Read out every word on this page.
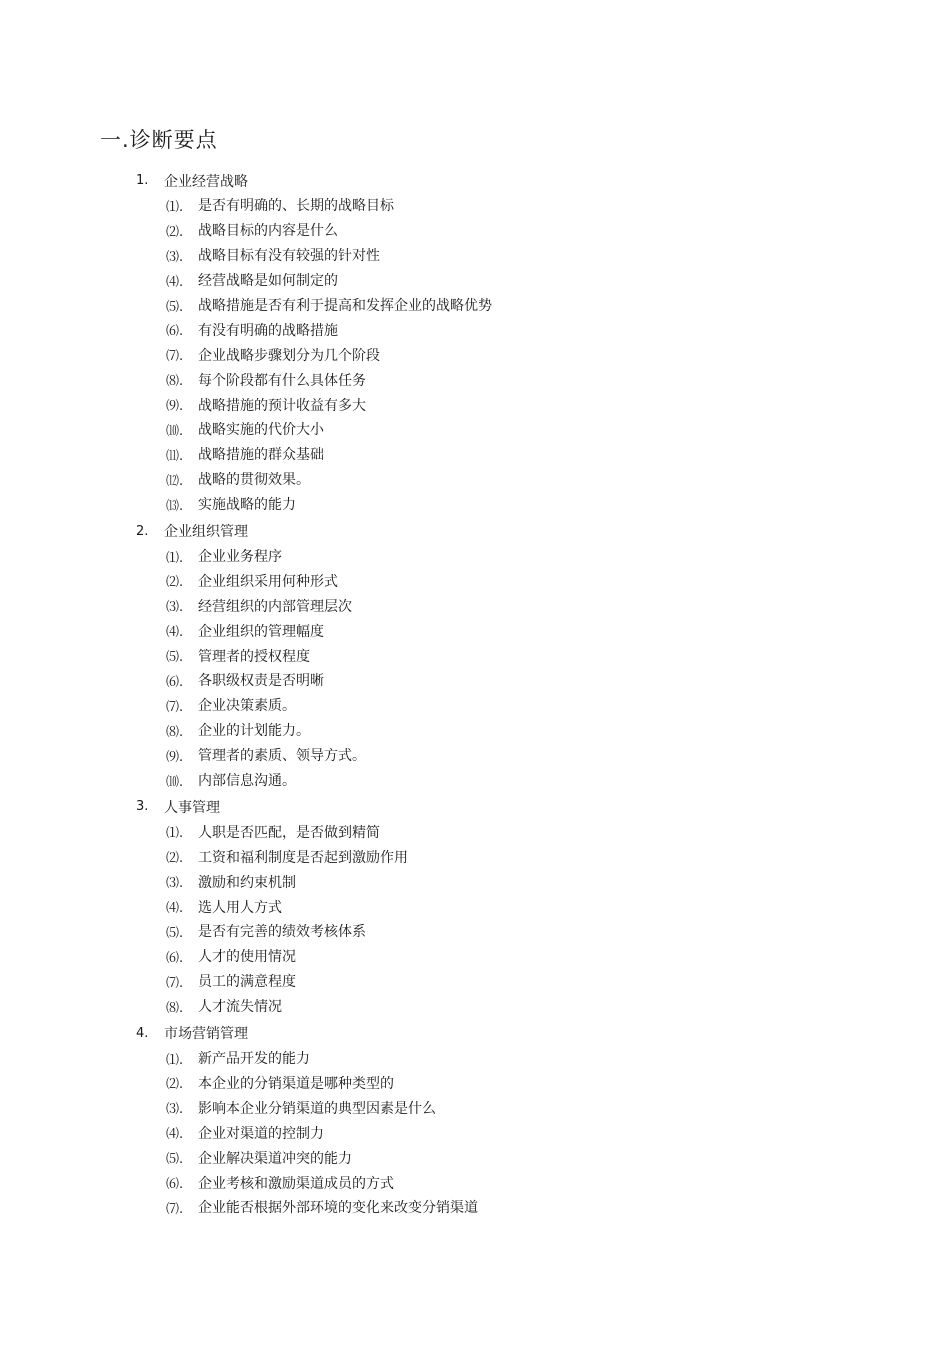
一.诊断要点
1.	企业经营战略
⑴.	是否有明确的、长期的战略目标
⑵.	战略目标的内容是什么
⑶.	战略目标有没有较强的针对性
⑷.	经营战略是如何制定的
⑸.	战略措施是否有利于提高和发挥企业的战略优势
⑹.	有没有明确的战略措施
⑺.	企业战略步骤划分为几个阶段
⑻.	每个阶段都有什么具体任务
⑼.	战略措施的预计收益有多大
⑽.	战略实施的代价大小
⑾.	战略措施的群众基础
⑿.	战略的贯彻效果。
⒀.	实施战略的能力
2.	企业组织管理
⑴.	企业业务程序
⑵.	企业组织采用何种形式
⑶.	经营组织的内部管理层次
⑷.	企业组织的管理幅度
⑸.	管理者的授权程度
⑹.	各职级权责是否明晰
⑺.	企业决策素质。
⑻.	企业的计划能力。
⑼.	管理者的素质、领导方式。
⑽.	内部信息沟通。
3.	人事管理
⑴.	人职是否匹配，是否做到精简
⑵.	工资和福利制度是否起到激励作用
⑶.	激励和约束机制
⑷.	选人用人方式
⑸.	是否有完善的绩效考核体系
⑹.	人才的使用情况
⑺.	员工的满意程度
⑻.	人才流失情况
4.	市场营销管理
⑴.	新产品开发的能力
⑵.	本企业的分销渠道是哪种类型的
⑶.	影响本企业分销渠道的典型因素是什么
⑷.	企业对渠道的控制力
⑸.	企业解决渠道冲突的能力
⑹.	企业考核和激励渠道成员的方式
⑺.	企业能否根据外部环境的变化来改变分销渠道
